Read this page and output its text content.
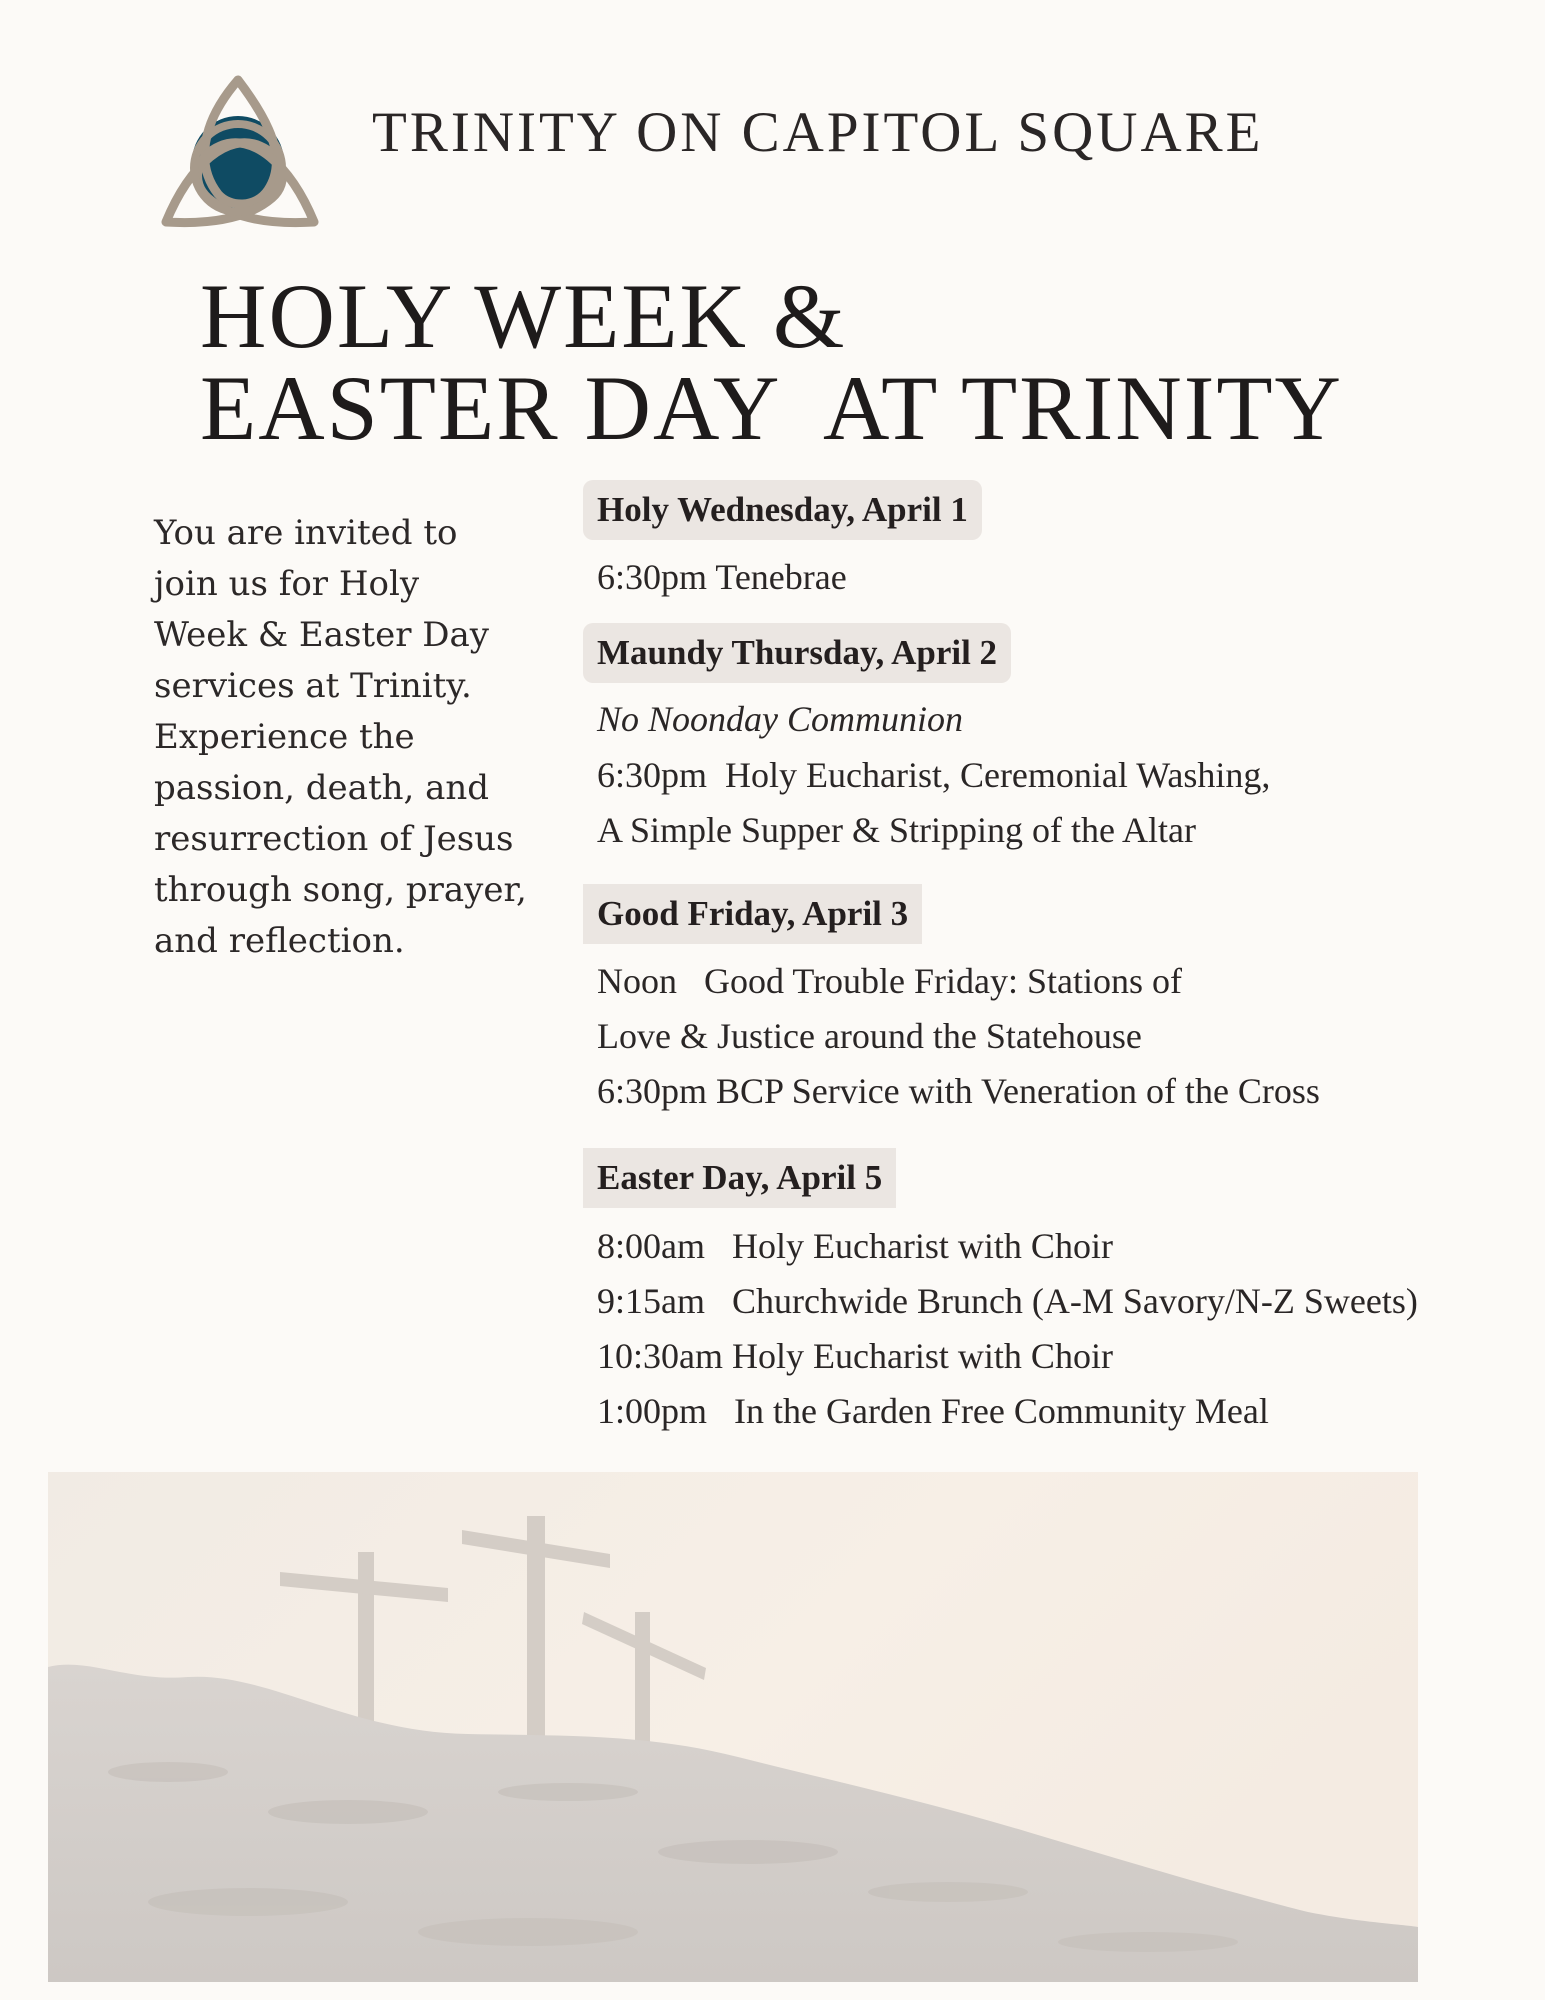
TRINITY ON CAPITOL SQUARE
HOLY WEEK &
EASTER DAY  AT TRINITY
You are invited to
join us for Holy
Week & Easter Day
services at Trinity.
Experience the
passion, death, and
resurrection of Jesus
through song, prayer,
and reflection.
Holy Wednesday, April 1
6:30pm Tenebrae
Maundy Thursday, April 2
No Noonday Communion
6:30pm  Holy Eucharist, Ceremonial Washing,
A Simple Supper & Stripping of the Altar
Good Friday, April 3
Noon   Good Trouble Friday: Stations of
Love & Justice around the Statehouse
6:30pm BCP Service with Veneration of the Cross
Easter Day, April 5
8:00am   Holy Eucharist with Choir
9:15am   Churchwide Brunch (A-M Savory/N-Z Sweets)
10:30am Holy Eucharist with Choir
1:00pm   In the Garden Free Community Meal
